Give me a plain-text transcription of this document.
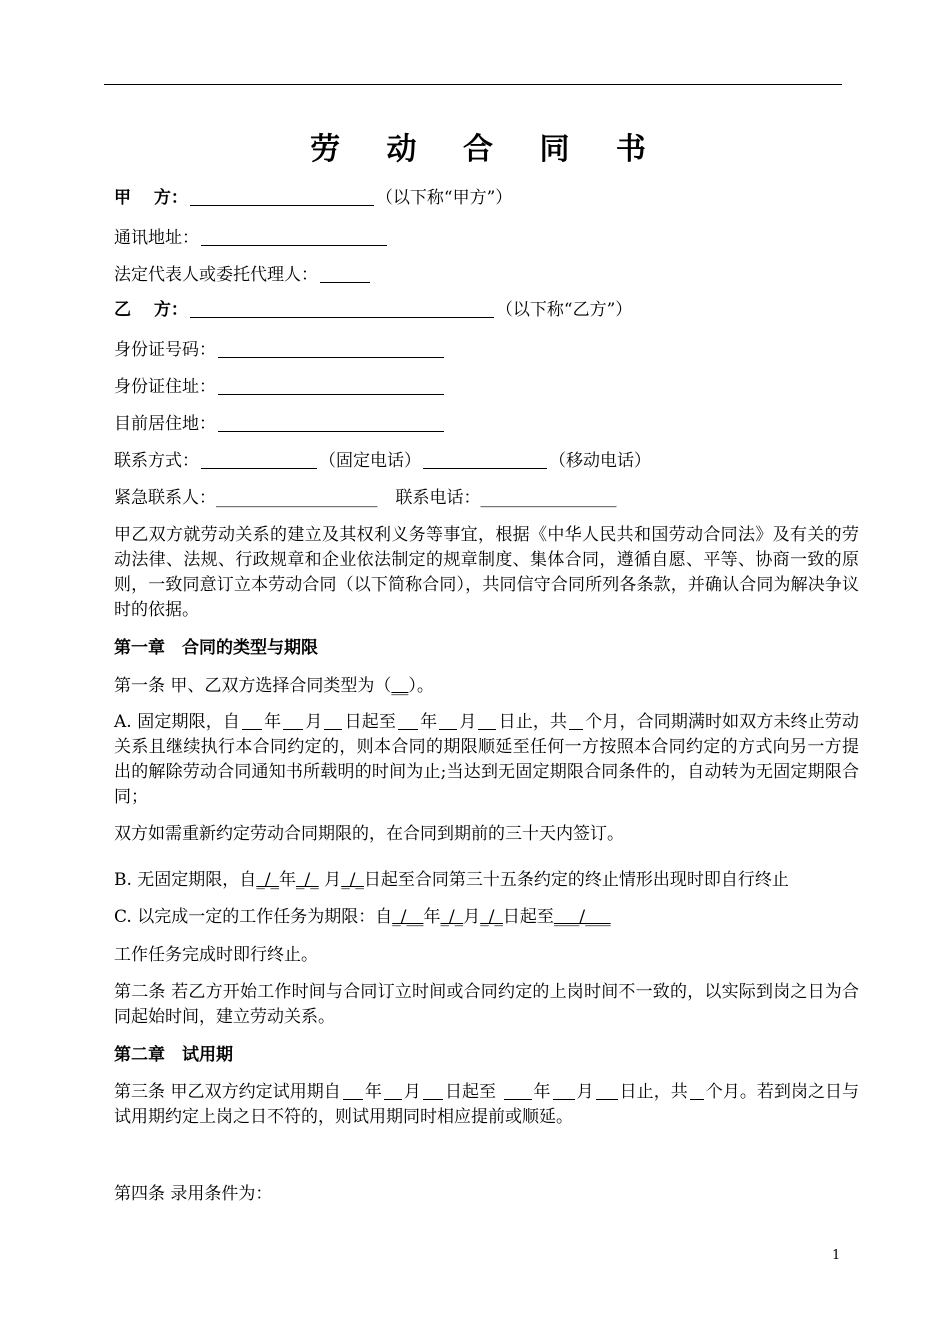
劳 动 合 同 书
甲　 方：	（以下称“甲方”）
通讯地址：
法定代表人或委托代理人：
乙　 方：	（以下称“乙方”）
身份证号码：
身份证住址：
目前居住地：
联系方式：	（固定电话）	（移动电话）
紧急联系人：___________________ 联系电话：________________
甲乙双方就劳动关系的建立及其权利义务等事宜，根据《中华人民共和国劳动合同法》及有关的劳动法律、法规、行政规章和企业依法制定的规章制度、集体合同，遵循自愿、平等、协商一致的原则，一致同意订立本劳动合同（以下简称合同），共同信守合同所列各条款，并确认合同为解决争议时的依据。
第一章　合同的类型与期限
第一条 甲、乙双方选择合同类型为（__）。
A. 固定期限，自 年 月 日起至 年 月 日止，共 个月，合同期满时如双方未终止劳动关系且继续执行本合同约定的，则本合同的期限顺延至任何一方按照本合同约定的方式向另一方提出的解除劳动合同通知书所载明的时间为止;当达到无固定期限合同条件的，自动转为无固定期限合同；
双方如需重新约定劳动合同期限的，在合同到期前的三十天内签订。
B. 无固定期限，自_/_年_/_ 月_/_日起至合同第三十五条约定的终止情形出现时即自行终止
C. 以完成一定的工作任务为期限：自_/__年_/_月_/_日起至___/___
工作任务完成时即行终止。
第二条 若乙方开始工作时间与合同订立时间或合同约定的上岗时间不一致的，以实际到岗之日为合同起始时间，建立劳动关系。
第二章　试用期
第三条 甲乙双方约定试用期自 年 月 日起至 年 月 日止，共 个月。若到岗之日与试用期约定上岗之日不符的，则试用期同时相应提前或顺延。
第四条 录用条件为：
1
